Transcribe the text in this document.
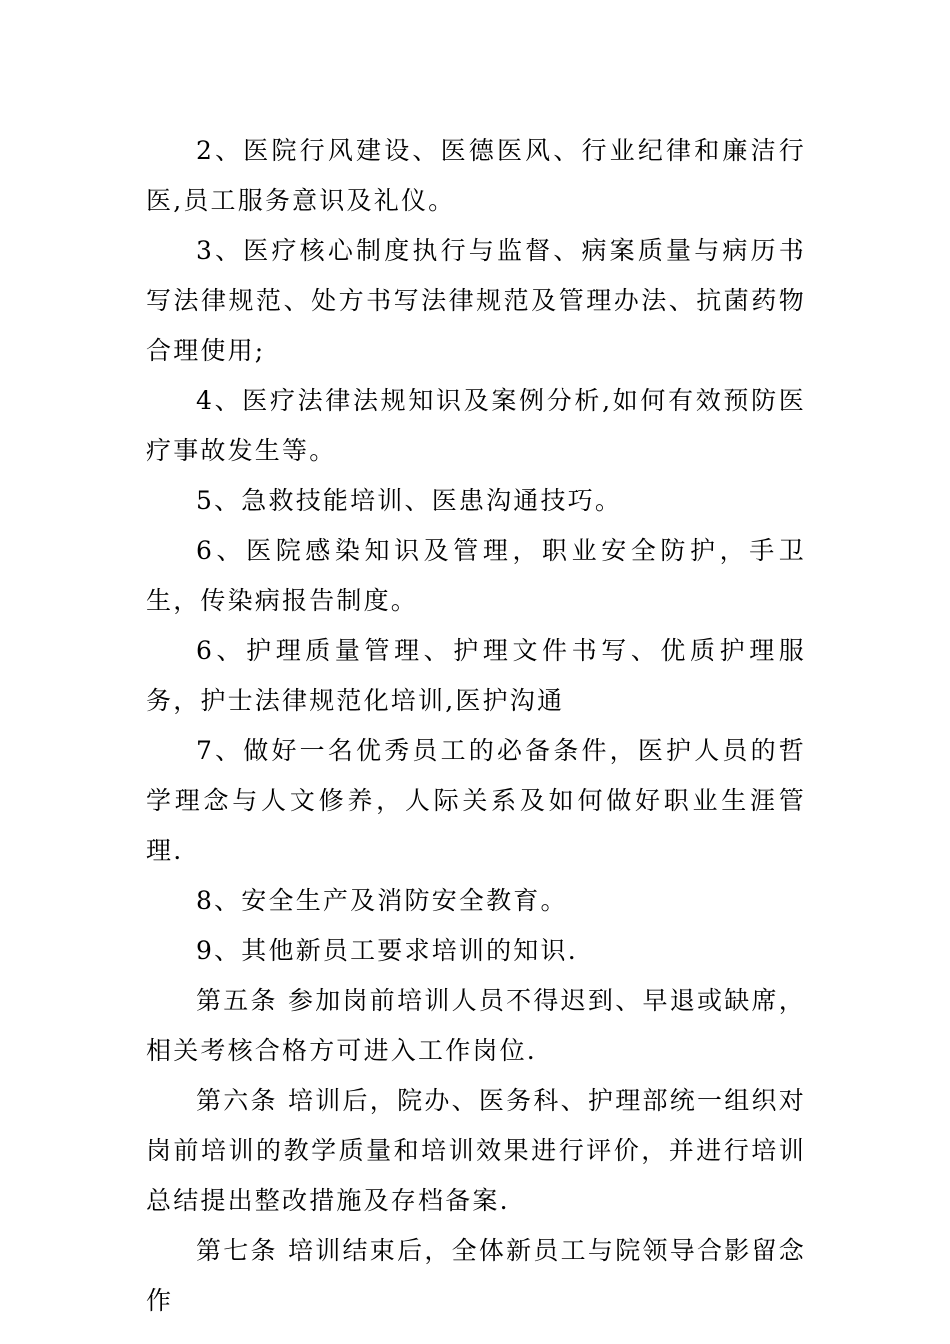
2、医院行风建设、医德医风、行业纪律和廉洁行医,员工服务意识及礼仪。

3、医疗核心制度执行与监督、病案质量与病历书写法律规范、处方书写法律规范及管理办法、抗菌药物合理使用;

4、医疗法律法规知识及案例分析,如何有效预防医疗事故发生等。

5、急救技能培训、医患沟通技巧。

6、医院感染知识及管理，职业安全防护，手卫生，传染病报告制度。

6、护理质量管理、护理文件书写、优质护理服务，护士法律规范化培训,医护沟通

7、做好一名优秀员工的必备条件，医护人员的哲学理念与人文修养，人际关系及如何做好职业生涯管理.

8、安全生产及消防安全教育。

9、其他新员工要求培训的知识.

第五条 参加岗前培训人员不得迟到、早退或缺席，相关考核合格方可进入工作岗位.

第六条 培训后，院办、医务科、护理部统一组织对岗前培训的教学质量和培训效果进行评价，并进行培训总结提出整改措施及存档备案.

第七条 培训结束后，全体新员工与院领导合影留念作
